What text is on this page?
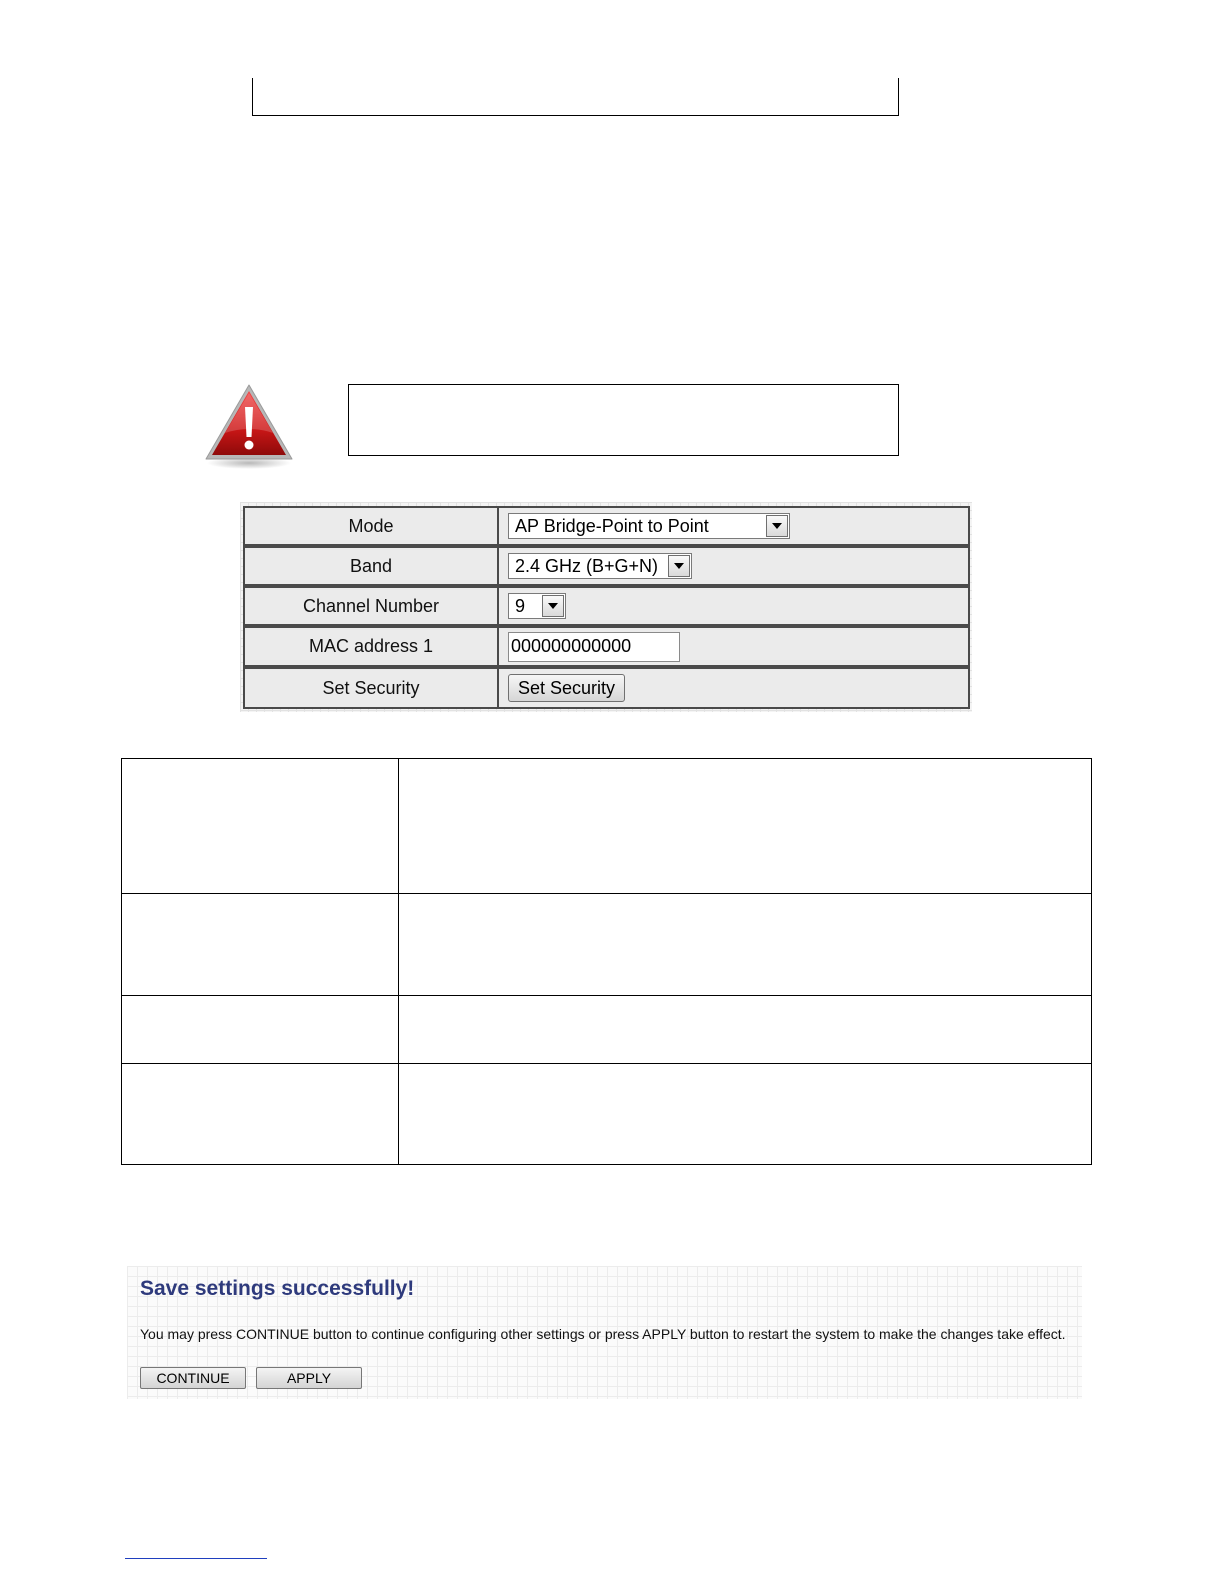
Mode	AP Bridge-Point to Point
Band	2.4 GHz (B+G+N)
Channel Number	9
MAC address 1	000000000000
Set Security	Set Security
Save settings successfully!
You may press CONTINUE button to continue configuring other settings or press APPLY button to restart the system to make the changes take effect.
CONTINUE	APPLY
